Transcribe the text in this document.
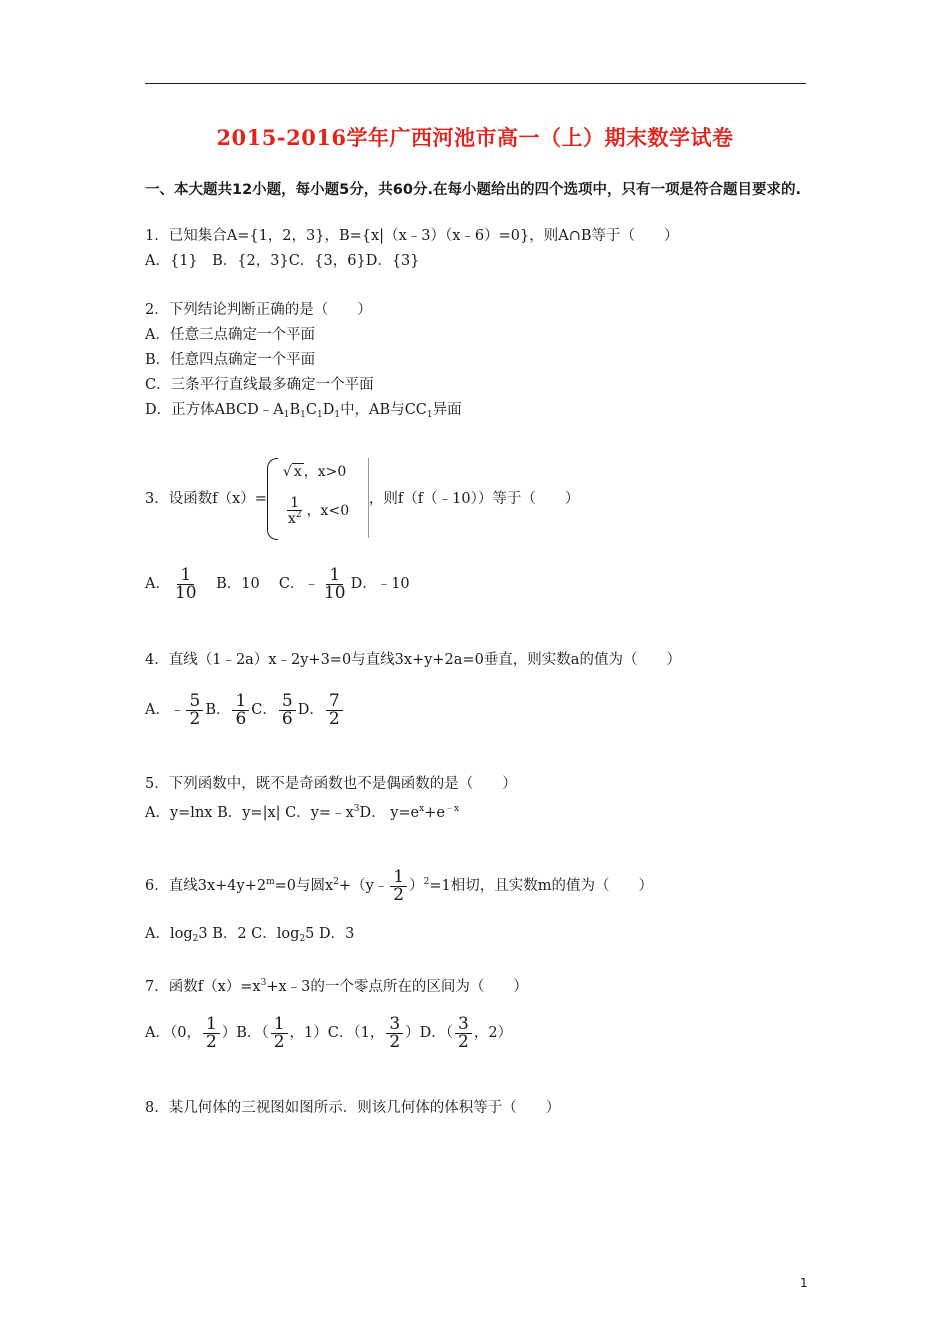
2015-2016学年广西河池市高一（上）期末数学试卷
一、本大题共12小题，每小题5分，共60分.在每小题给出的四个选项中，只有一项是符合题目要求的.
1．已知集合A={1，2，3}，B={x|（x﹣3）（x﹣6）=0}，则A∩B等于（　　）
A．{1}　B．{2，3}C．{3，6}D．{3}
2．下列结论判断正确的是（　　）
A．任意三点确定一个平面
B．任意四点确定一个平面
C．三条平行直线最多确定一个平面
D．正方体$ABCD﹣A_1B_1C_1D_1$中，AB与$CC_1$异面
3．设函数f（x）=
√ x ，x>0
$\frac{1}{x^2}$ ，x<0
，则f（f（﹣10））等于（　　）
A． $\frac{1}{10}$ 　B．10　 C．﹣ $\frac{1}{10}$ D．﹣10
4．直线（1﹣2a）x﹣2y+3=0与直线3x+y+2a=0垂直，则实数a的值为（　　）
A．﹣ $\frac{5}{2}$ B． $\frac{1}{6}$ C． $\frac{5}{6}$ D． $\frac{7}{2}$
5．下列函数中，既不是奇函数也不是偶函数的是（　　）
A．y=lnx B．y=|x| C．$y=﹣x^3D$． $y=e^x+e^{﹣x}$
6．直线$3x+4y+2^m=0$与圆$x^2+(y﹣ \frac{1}{2} )^2=1$相切，且实数m的值为（　　）
A．$\log_23$ B．2 C．$\log_25$ D．3
7．函数$f(x)=x^3+x﹣3$的一个零点所在的区间为（　　）
A．（0， $\frac{1}{2} )B$．（ $\frac{1}{2}$ ，1）C．（1， $\frac{3}{2} )D$．（ $\frac{3}{2}$ ，2）
8．某几何体的三视图如图所示．则该几何体的体积等于（　　）
1
